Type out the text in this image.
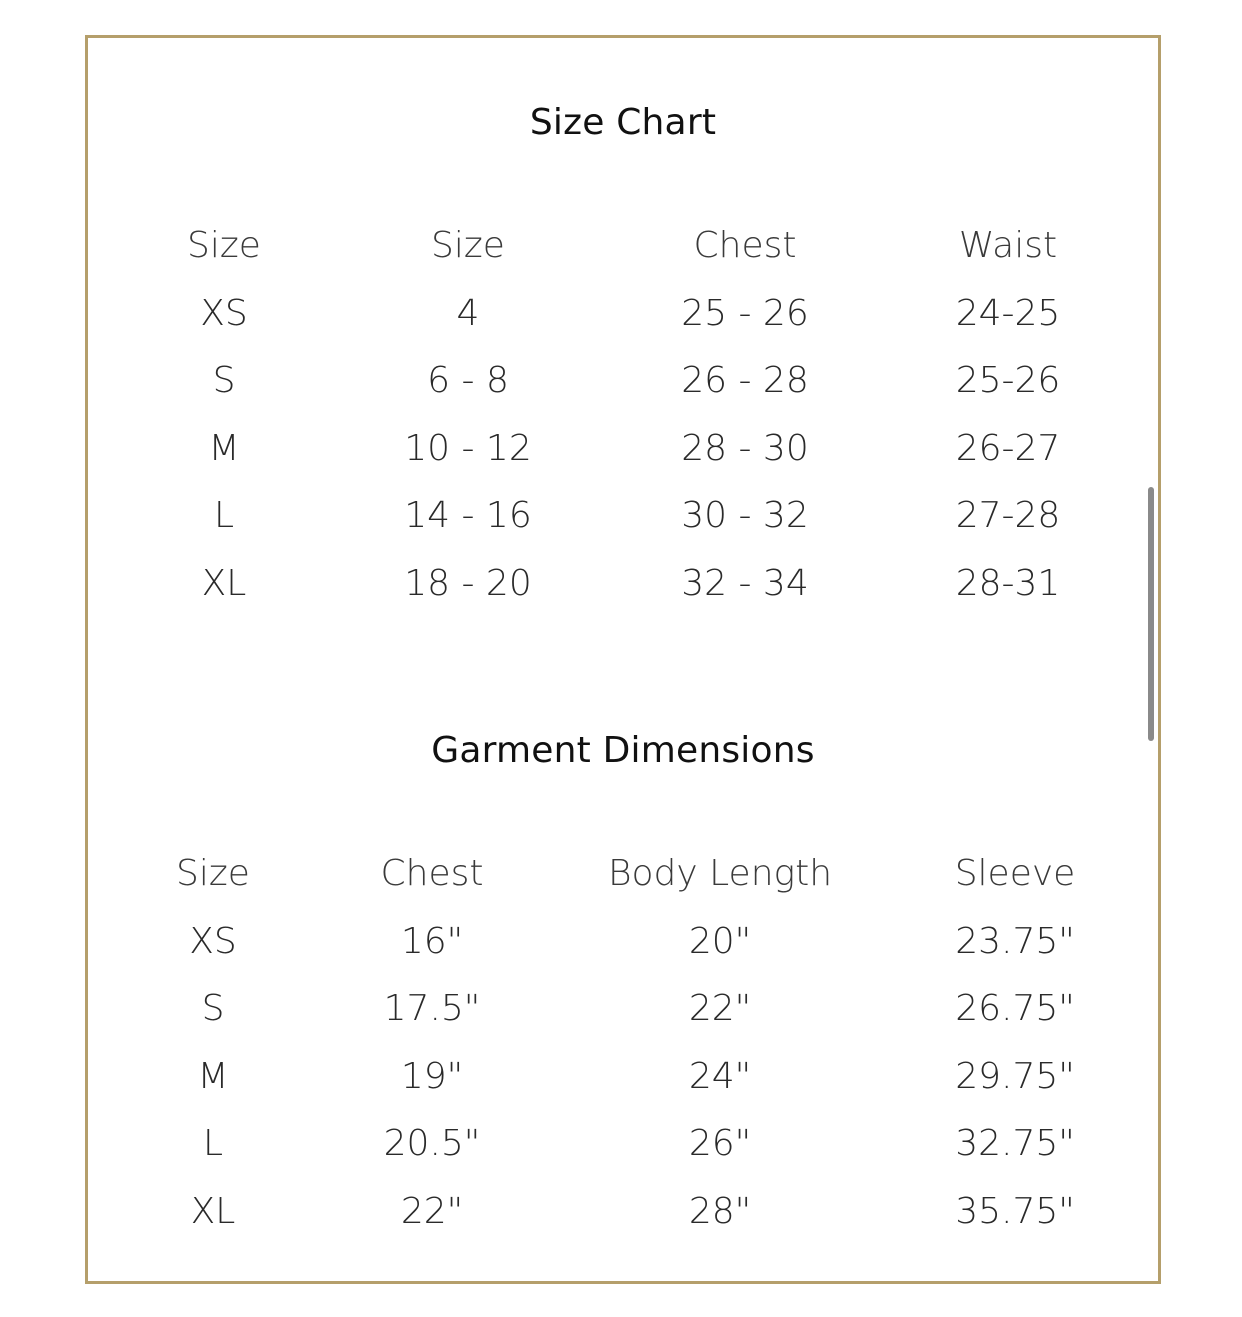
Size Chart
Size	Size	Chest	Waist
XS	4	25 - 26	24-25
S	6 - 8	26 - 28	25-26
M	10 - 12	28 - 30	26-27
L	14 - 16	30 - 32	27-28
XL	18 - 20	32 - 34	28-31
Garment Dimensions
Size	Chest	Body Length	Sleeve
XS	16"	20"	23.75"
S	17.5"	22"	26.75"
M	19"	24"	29.75"
L	20.5"	26"	32.75"
XL	22"	28"	35.75"
